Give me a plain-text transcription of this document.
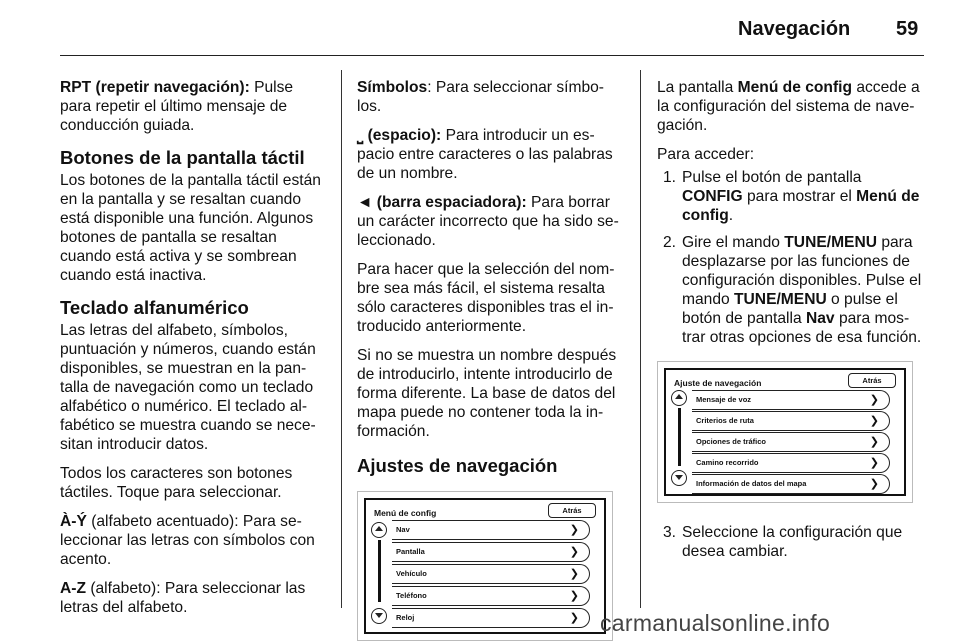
Navegación 59

RPT (repetir navegación): Pulse para repetir el último mensaje de conducción guiada.

Botones de la pantalla táctil

Los botones de la pantalla táctil están en la pantalla y se resaltan cuando está disponible una función. Algunos botones de pantalla se resaltan cuando está activa y se sombrean cuando está inactiva.

Teclado alfanumérico

Las letras del alfabeto, símbolos, puntuación y números, cuando están disponibles, se muestran en la pantalla de navegación como un teclado alfabético o numérico. El teclado alfabético se muestra cuando se necesitan introducir datos.

Todos los caracteres son botones táctiles. Toque para seleccionar.

À-Ý (alfabeto acentuado): Para seleccionar las letras con símbolos con acento.

A-Z (alfabeto): Para seleccionar las letras del alfabeto.

Símbolos: Para seleccionar símbolos.

⎵ (espacio): Para introducir un espacio entre caracteres o las palabras de un nombre.

◄ (barra espaciadora): Para borrar un carácter incorrecto que ha sido seleccionado.

Para hacer que la selección del nombre sea más fácil, el sistema resalta sólo caracteres disponibles tras el introducido anteriormente.

Si no se muestra un nombre después de introducirlo, intente introducirlo de forma diferente. La base de datos del mapa puede no contener toda la información.

Ajustes de navegación
Menú de config	Atrás
Nav	❯
Pantalla	❯
Vehículo	❯
Teléfono	❯
Reloj	❯

La pantalla Menú de config accede a la configuración del sistema de navegación.

Para acceder:

1. Pulse el botón de pantalla CONFIG para mostrar el Menú de config.
2. Gire el mando TUNE/MENU para desplazarse por las funciones de configuración disponibles. Pulse el mando TUNE/MENU o pulse el botón de pantalla Nav para mostrar otras opciones de esa función.
Ajuste de navegación	Atrás
Mensaje de voz	❯
Criterios de ruta	❯
Opciones de tráfico	❯
Camino recorrido	❯
Información de datos del mapa	❯
3. Seleccione la configuración que desea cambiar.
carmanualsonline.info
